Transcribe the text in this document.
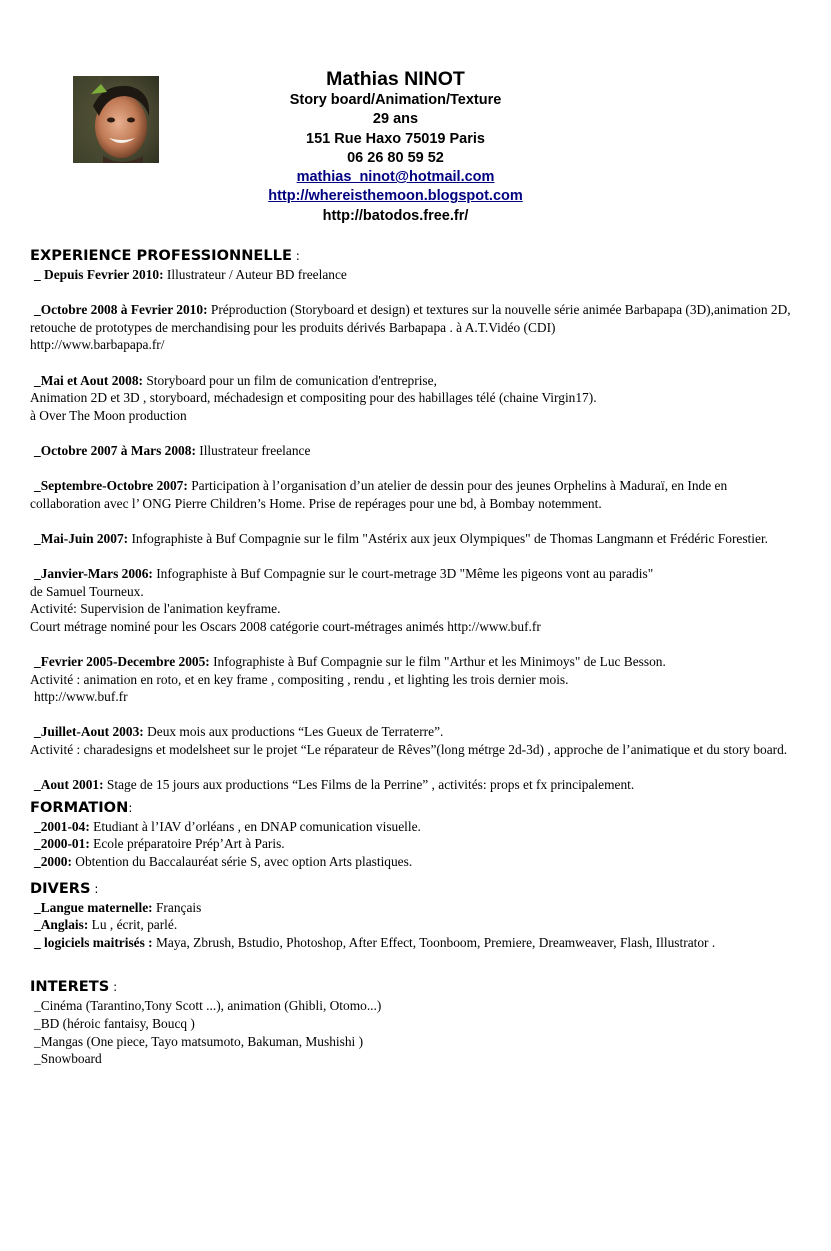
Mathias NINOT
Story board/Animation/Texture
29 ans
151 Rue Haxo 75019 Paris
06 26 80 59 52
mathias_ninot@hotmail.com
http://whereisthemoon.blogspot.com
http://batodos.free.fr/
EXPERIENCE PROFESSIONNELLE :

_ Depuis Fevrier 2010: Illustrateur / Auteur BD freelance

_Octobre 2008 à Fevrier 2010: Préproduction (Storyboard et design) et textures sur la nouvelle série animée Barbapapa (3D),animation 2D, retouche de prototypes de merchandising pour les produits dérivés Barbapapa . à A.T.Vidéo (CDI)
http://www.barbapapa.fr/

_Mai et Aout 2008: Storyboard pour un film de comunication d'entreprise,
Animation 2D et 3D , storyboard, méchadesign et compositing pour des habillages télé (chaine Virgin17).
à Over The Moon production

_Octobre 2007 à Mars 2008: Illustrateur freelance

_Septembre-Octobre 2007: Participation à l’organisation d’un atelier de dessin pour des jeunes Orphelins à Maduraï, en Inde en collaboration avec l’ ONG Pierre Children’s Home. Prise de repérages pour une bd, à Bombay notemment.

_Mai-Juin 2007: Infographiste à Buf Compagnie sur le film "Astérix aux jeux Olympiques" de Thomas Langmann et Frédéric Forestier.

_Janvier-Mars 2006: Infographiste à Buf Compagnie sur le court-metrage 3D "Même les pigeons vont au paradis"
de Samuel Tourneux.
Activité: Supervision de l'animation keyframe.
Court métrage nominé pour les Oscars 2008 catégorie court-métrages animés http://www.buf.fr

_Fevrier 2005-Decembre 2005: Infographiste à Buf Compagnie sur le film "Arthur et les Minimoys" de Luc Besson.
Activité : animation en roto, et en key frame , compositing , rendu , et lighting les trois dernier mois.
http://www.buf.fr

_Juillet-Aout 2003: Deux mois aux productions “Les Gueux de Terraterre”.
Activité : charadesigns et modelsheet sur le projet “Le réparateur de Rêves”(long métrge 2d-3d) , approche de l’animatique et du story board.

_Aout 2001: Stage de 15 jours aux productions “Les Films de la Perrine” , activités: props et fx principalement.

FORMATION:

_2001-04: Etudiant à l’IAV d’orléans , en DNAP comunication visuelle.

_2000-01: Ecole préparatoire Prép’Art à Paris.

_2000: Obtention du Baccalauréat série S, avec option Arts plastiques.

DIVERS :

_Langue maternelle: Français

_Anglais: Lu , écrit, parlé.

_ logiciels maitrisés : Maya, Zbrush, Bstudio, Photoshop, After Effect, Toonboom, Premiere, Dreamweaver, Flash, Illustrator .

INTERETS :

_Cinéma (Tarantino,Tony Scott ...), animation (Ghibli, Otomo...)

_BD (héroic fantaisy, Boucq )

_Mangas (One piece, Tayo matsumoto, Bakuman, Mushishi )

_Snowboard
